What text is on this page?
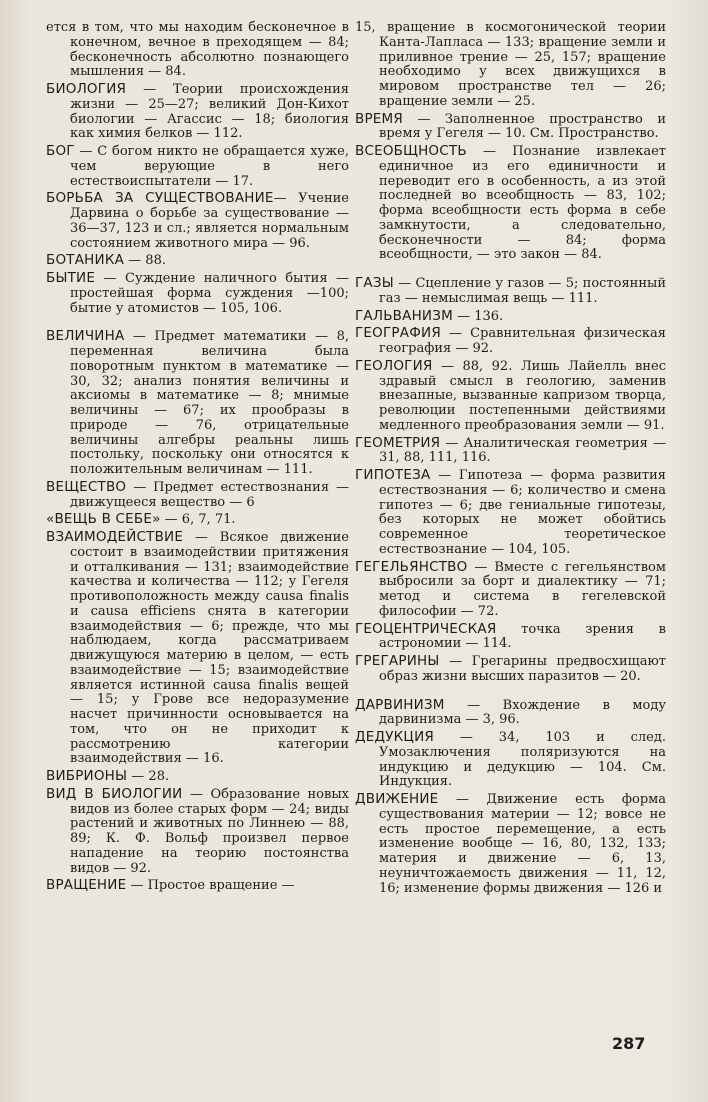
ется в том, что мы находим бесконечное в конечном, вечное в преходящем — 84; бесконечность абсолютно познающего мышления — 84.

БИОЛОГИЯ — Теории происхождения жизни — 25—27; великий Дон-Кихот биологии — Агассис — 18; биология как химия белков — 112.

БОГ — С богом никто не обращается хуже, чем верующие в него естествоиспытатели — 17.

БОРЬБА ЗА СУЩЕСТВОВАНИЕ— Учение Дарвина о борьбе за существование — 36—37, 123 и сл.; является нормальным состоянием животного мира — 96.

БОТАНИКА — 88.

БЫТИЕ — Суждение наличного бытия — простейшая форма суждения —100; бытие у атомистов — 105, 106.

ВЕЛИЧИНА — Предмет математики — 8, переменная величина была поворотным пунктом в математике — 30, 32; анализ понятия величины и аксиомы в математике — 8; мнимые величины — 67; их прообразы в природе — 76, отрицательные величины алгебры реальны лишь постольку, поскольку они относятся к положительным величинам — 111.

ВЕЩЕСТВО — Предмет естествознания — движущееся вещество — 6

«ВЕЩЬ В СЕБЕ» — 6, 7, 71.

ВЗАИМОДЕЙСТВИЕ — Всякое движение состоит в взаимодействии притяжения и отталкивания — 131; взаимодействие качества и количества — 112; у Гегеля противоположность между causa finalis и causa efficiens снята в категории взаимодействия — 6; прежде, что мы наблюдаем, когда рассматриваем движущуюся материю в целом, — есть взаимодействие — 15; взаимодействие является истинной causa finalis вещей — 15; у Грове все недоразумение насчет причинности основывается на том, что он не приходит к рассмотрению категории взаимодействия — 16.

ВИБРИОНЫ — 28.

ВИД В БИОЛОГИИ — Образование новых видов из более старых форм — 24; виды растений и животных по Линнею — 88, 89; К. Ф. Вольф произвел первое нападение на теорию постоянства видов — 92.

ВРАЩЕНИЕ — Простое вращение —

15, вращение в космогонической теории Канта-Лапласа — 133; вращение земли и приливное трение — 25, 157; вращение необходимо у всех движущихся в мировом пространстве тел — 26; вращение земли — 25.

ВРЕМЯ — Заполненное пространство и время у Гегеля — 10. См. Пространство.

ВСЕОБЩНОСТЬ — Познание извлекает единичное из его единичности и переводит его в особенность, а из этой последней во всеобщность — 83, 102; форма всеобщности есть форма в себе замкнутости, а следовательно, бесконечности — 84; форма всеобщности, — это закон — 84.

ГАЗЫ — Сцепление у газов — 5; постоянный газ — немыслимая вещь — 111.

ГАЛЬВАНИЗМ — 136.

ГЕОГРАФИЯ — Сравнительная физическая география — 92.

ГЕОЛОГИЯ — 88, 92. Лишь Лайелль внес здравый смысл в геологию, заменив внезапные, вызванные капризом творца, революции постепенными действиями медленного преобразования земли — 91.

ГЕОМЕТРИЯ — Аналитическая геометрия — 31, 88, 111, 116.

ГИПОТЕЗА — Гипотеза — форма развития естествознания — 6; количество и смена гипотез — 6; две гениальные гипотезы, без которых не может обойтись современное теоретическое естествознание — 104, 105.

ГЕГЕЛЬЯНСТВО — Вместе с гегельянством выбросили за борт и диалектику — 71; метод и система в гегелевской философии — 72.

ГЕОЦЕНТРИЧЕСКАЯ точка зрения в астрономии — 114.

ГРЕГАРИНЫ — Грегарины предвосхищают образ жизни высших паразитов — 20.

ДАРВИНИЗМ — Вхождение в моду дарвинизма — 3, 96.

ДЕДУКЦИЯ — 34, 103 и след. Умозаключения поляризуются на индукцию и дедукцию — 104. См. Индукция.

ДВИЖЕНИЕ — Движение есть форма существования материи — 12; вовсе не есть простое перемещение, а есть изменение вообще — 16, 80, 132, 133; материя и движение — 6, 13, неуничтожаемость движения — 11, 12, 16; изменение формы движения — 126 и

287
